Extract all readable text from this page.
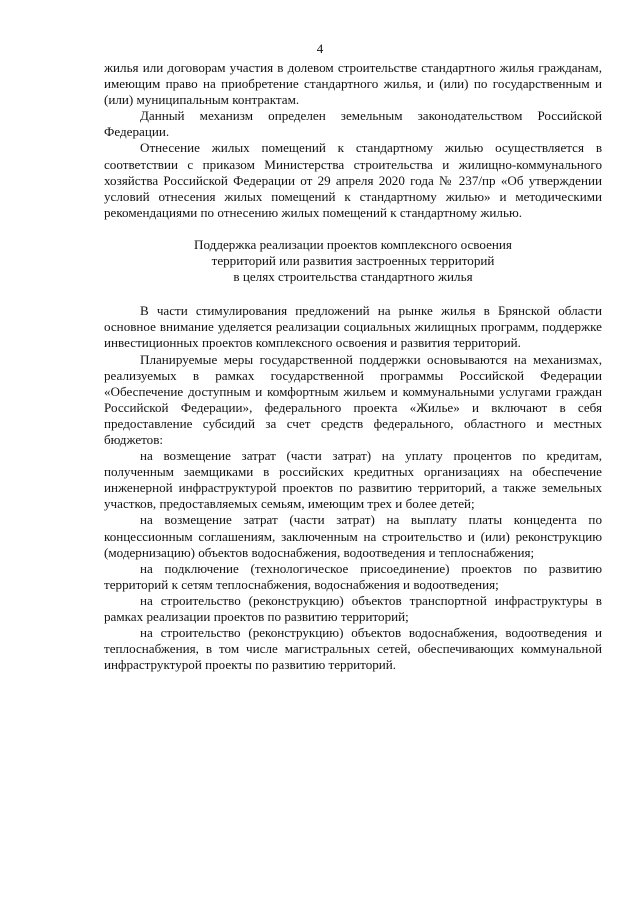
4

жилья или договорам участия в долевом строительстве стандартного жилья гражданам, имеющим право на приобретение стандартного жилья, и (или) по государственным и (или) муниципальным контрактам.

Данный механизм определен земельным законодательством Российской Федерации.

Отнесение жилых помещений к стандартному жилью осуществляется в соответствии с приказом Министерства строительства и жилищно-коммунального хозяйства Российской Федерации от 29 апреля 2020 года № 237/пр «Об утверждении условий отнесения жилых помещений к стандартному жилью» и методическими рекомендациями по отнесению жилых помещений к стандартному жилью.

Поддержка реализации проектов комплексного освоения
территорий или развития застроенных территорий
в целях строительства стандартного жилья

В части стимулирования предложений на рынке жилья в Брянской области основное внимание уделяется реализации социальных жилищных программ, поддержке инвестиционных проектов комплексного освоения и развития территорий.

Планируемые меры государственной поддержки основываются на механизмах, реализуемых в рамках государственной программы Российской Федерации «Обеспечение доступным и комфортным жильем и коммунальными услугами граждан Российской Федерации», федерального проекта «Жилье» и включают в себя предоставление субсидий за счет средств федерального, областного и местных бюджетов:

на возмещение затрат (части затрат) на уплату процентов по кредитам, полученным заемщиками в российских кредитных организациях на обеспечение инженерной инфраструктурой проектов по развитию территорий, а также земельных участков, предоставляемых семьям, имеющим трех и более детей;

на возмещение затрат (части затрат) на выплату платы концедента по концессионным соглашениям, заключенным на строительство и (или) реконструкцию (модернизацию) объектов водоснабжения, водоотведения и теплоснабжения;

на подключение (технологическое присоединение) проектов по развитию территорий к сетям теплоснабжения, водоснабжения и водоотведения;

на строительство (реконструкцию) объектов транспортной инфраструктуры в рамках реализации проектов по развитию территорий;

на строительство (реконструкцию) объектов водоснабжения, водоотведения и теплоснабжения, в том числе магистральных сетей, обеспечивающих коммунальной инфраструктурой проекты по развитию территорий.
